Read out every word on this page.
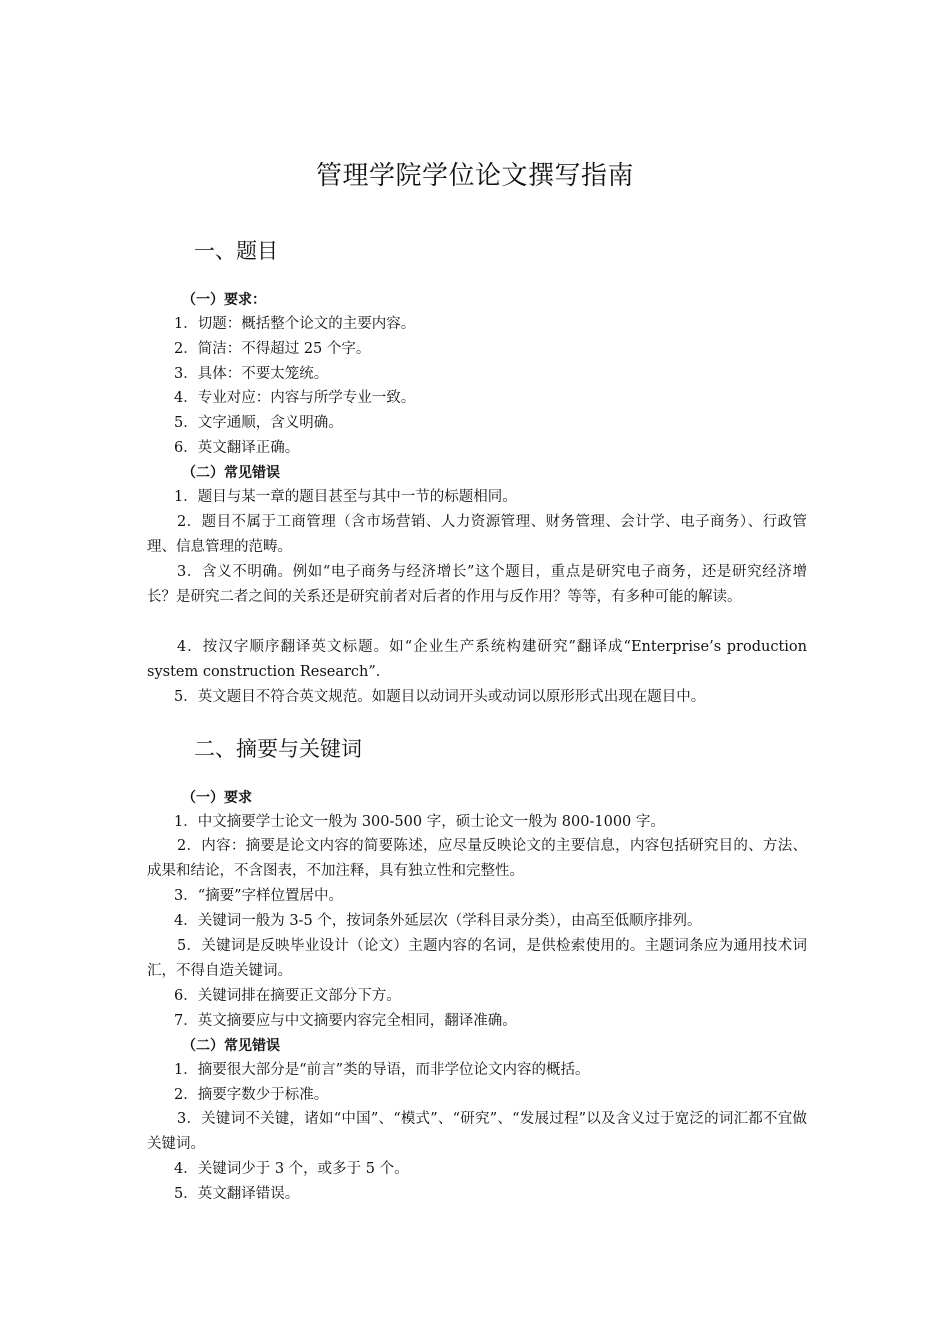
管理学院学位论文撰写指南
一、题目
（一）要求：
1．切题：概括整个论文的主要内容。
2．简洁：不得超过 25 个字。
3．具体：不要太笼统。
4．专业对应：内容与所学专业一致。
5．文字通顺，含义明确。
6．英文翻译正确。
（二）常见错误
1．题目与某一章的题目甚至与其中一节的标题相同。
2．题目不属于工商管理（含市场营销、人力资源管理、财务管理、会计学、电子商务）、行政管理、信息管理的范畴。
3．含义不明确。例如“电子商务与经济增长”这个题目，重点是研究电子商务，还是研究经济增长？是研究二者之间的关系还是研究前者对后者的作用与反作用？等等，有多种可能的解读。
4．按汉字顺序翻译英文标题。如“企业生产系统构建研究”翻译成“Enterprise’s production system construction Research”.
5．英文题目不符合英文规范。如题目以动词开头或动词以原形形式出现在题目中。
二、摘要与关键词
（一）要求
1．中文摘要学士论文一般为 300-500 字，硕士论文一般为 800-1000 字。
2．内容：摘要是论文内容的简要陈述，应尽量反映论文的主要信息，内容包括研究目的、方法、成果和结论，不含图表，不加注释，具有独立性和完整性。
3．“摘要”字样位置居中。
4．关键词一般为 3-5 个，按词条外延层次（学科目录分类），由高至低顺序排列。
5．关键词是反映毕业设计（论文）主题内容的名词，是供检索使用的。主题词条应为通用技术词汇，不得自造关键词。
6．关键词排在摘要正文部分下方。
7．英文摘要应与中文摘要内容完全相同，翻译准确。
（二）常见错误
1．摘要很大部分是“前言”类的导语，而非学位论文内容的概括。
2．摘要字数少于标准。
3．关键词不关键，诸如“中国”、“模式”、“研究”、“发展过程”以及含义过于宽泛的词汇都不宜做关键词。
4．关键词少于 3 个，或多于 5 个。
5．英文翻译错误。
